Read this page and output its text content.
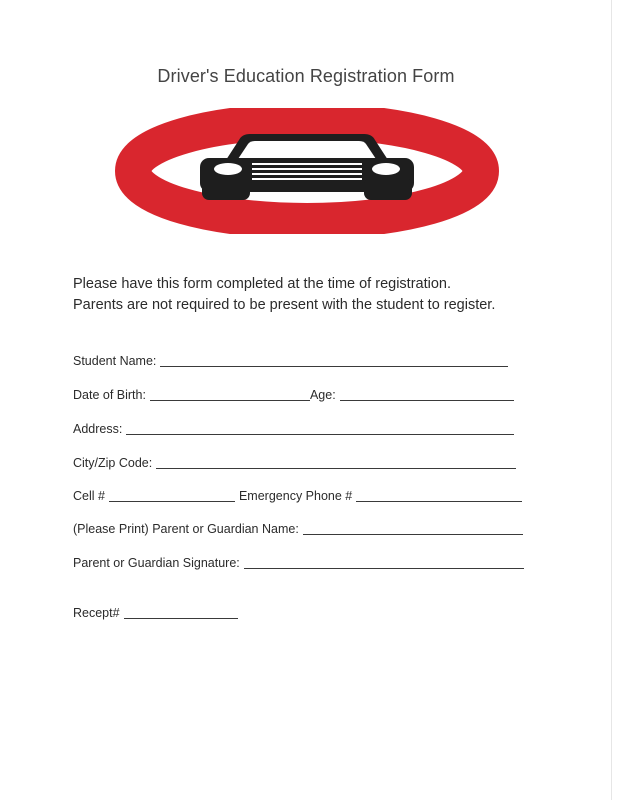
Driver's Education Registration Form
Please have this form completed at the time of registration.
Parents are not required to be present with the student to register.
Student Name:
Date of Birth:	Age:
Address:
City/Zip Code:
Cell #	Emergency Phone #
(Please Print) Parent or Guardian Name:
Parent or Guardian Signature:
Recept#
